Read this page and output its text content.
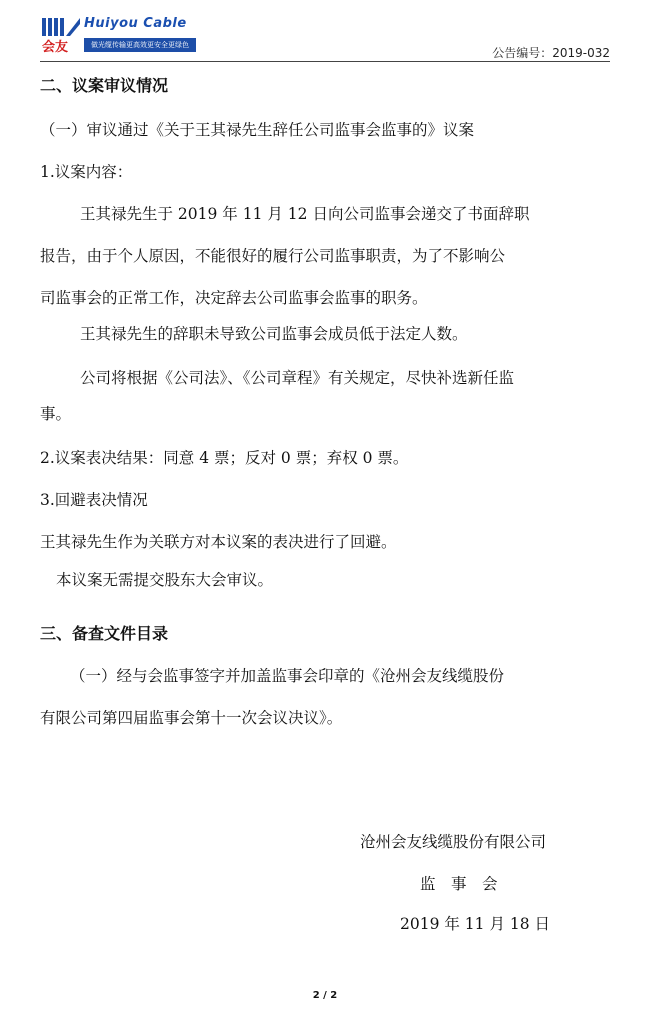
会友
Huiyou Cable
做光缆传输更高效更安全更绿色
公告编号：2019-032

二、议案审议情况

（一）审议通过《关于王其禄先生辞任公司监事会监事的》议案

1.议案内容：

王其禄先生于 2019 年 11 月 12 日向公司监事会递交了书面辞职

报告，由于个人原因，不能很好的履行公司监事职责，为了不影响公

司监事会的正常工作，决定辞去公司监事会监事的职务。

王其禄先生的辞职未导致公司监事会成员低于法定人数。

公司将根据《公司法》、《公司章程》有关规定，尽快补选新任监

事。

2.议案表决结果：同意 4 票；反对 0 票；弃权 0 票。

3.回避表决情况

王其禄先生作为关联方对本议案的表决进行了回避。

本议案无需提交股东大会审议。

三、备查文件目录

（一）经与会监事签字并加盖监事会印章的《沧州会友线缆股份

有限公司第四届监事会第十一次会议决议》。

沧州会友线缆股份有限公司
监　事　会
2019 年 11 月 18 日
2 / 2
